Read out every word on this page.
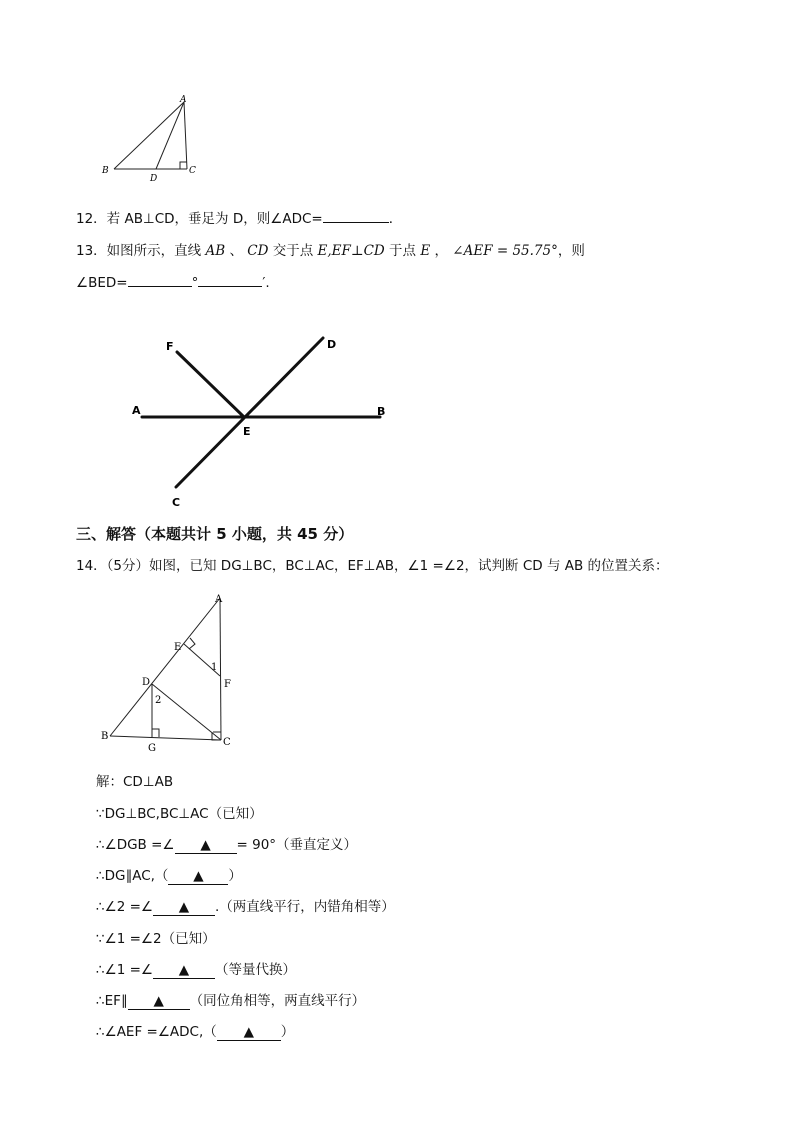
A
B	C
D
12．若 AB⊥CD，垂足为 D，则∠ADC=	．
13．如图所示，直线 AB 、 CD 交于点 E,EF⊥CD 于点 E ， ∠AEF = 55.75°，则
∠BED=	°	′.
F	D
A	B
E
C
三、解答（本题共计 5 小题，共 45 分）
14．（5分）如图，已知 DG⊥BC，BC⊥AC，EF⊥AB，∠1 =∠2，试判断 CD 与 AB 的位置关系：
A
E
1
D	F
2
B
G
C
解：CD⊥AB
∵DG⊥BC,BC⊥AC（已知）
∴∠DGB =∠ ▲ = 90°（垂直定义）
∴DG∥AC,（ ▲ ）
∴∠2 =∠ ▲ .（两直线平行，内错角相等）
∵∠1 =∠2（已知）
∴∠1 =∠ ▲ （等量代换）
∴EF∥ ▲ （同位角相等，两直线平行）
∴∠AEF =∠ADC,（ ▲ ）
